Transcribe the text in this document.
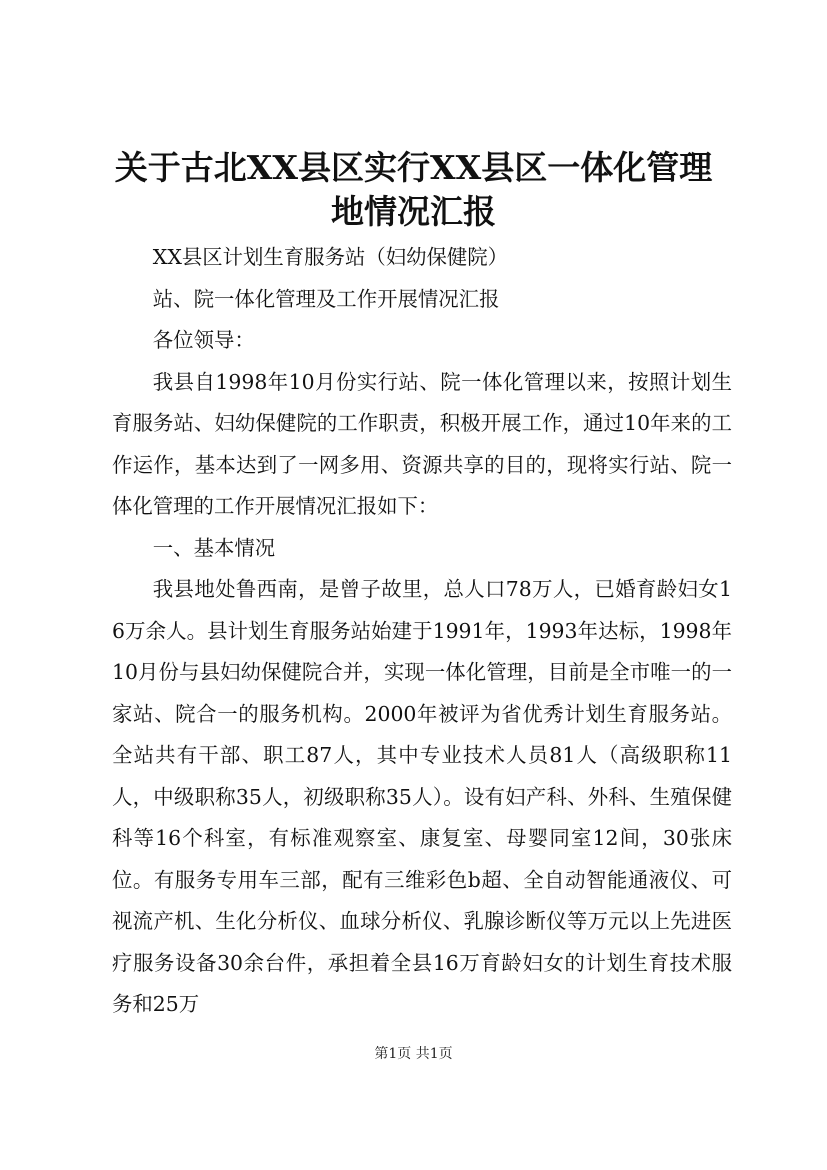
关于古北XX县区实行XX县区一体化管理地情况汇报

XX县区计划生育服务站（妇幼保健院）

站、院一体化管理及工作开展情况汇报

各位领导：

我县自1998年10月份实行站、院一体化管理以来，按照计划生育服务站、妇幼保健院的工作职责，积极开展工作，通过10年来的工作运作，基本达到了一网多用、资源共享的目的，现将实行站、院一体化管理的工作开展情况汇报如下：

一、基本情况

我县地处鲁西南，是曾子故里，总人口78万人，已婚育龄妇女16万余人。县计划生育服务站始建于1991年，1993年达标，1998年10月份与县妇幼保健院合并，实现一体化管理，目前是全市唯一的一家站、院合一的服务机构。2000年被评为省优秀计划生育服务站。全站共有干部、职工87人，其中专业技术人员81人（高级职称11人，中级职称35人，初级职称35人）。设有妇产科、外科、生殖保健科等16个科室，有标准观察室、康复室、母婴同室12间，30张床位。有服务专用车三部，配有三维彩色b超、全自动智能通液仪、可视流产机、生化分析仪、血球分析仪、乳腺诊断仪等万元以上先进医疗服务设备30余台件，承担着全县16万育龄妇女的计划生育技术服务和25万

第1页 共1页
